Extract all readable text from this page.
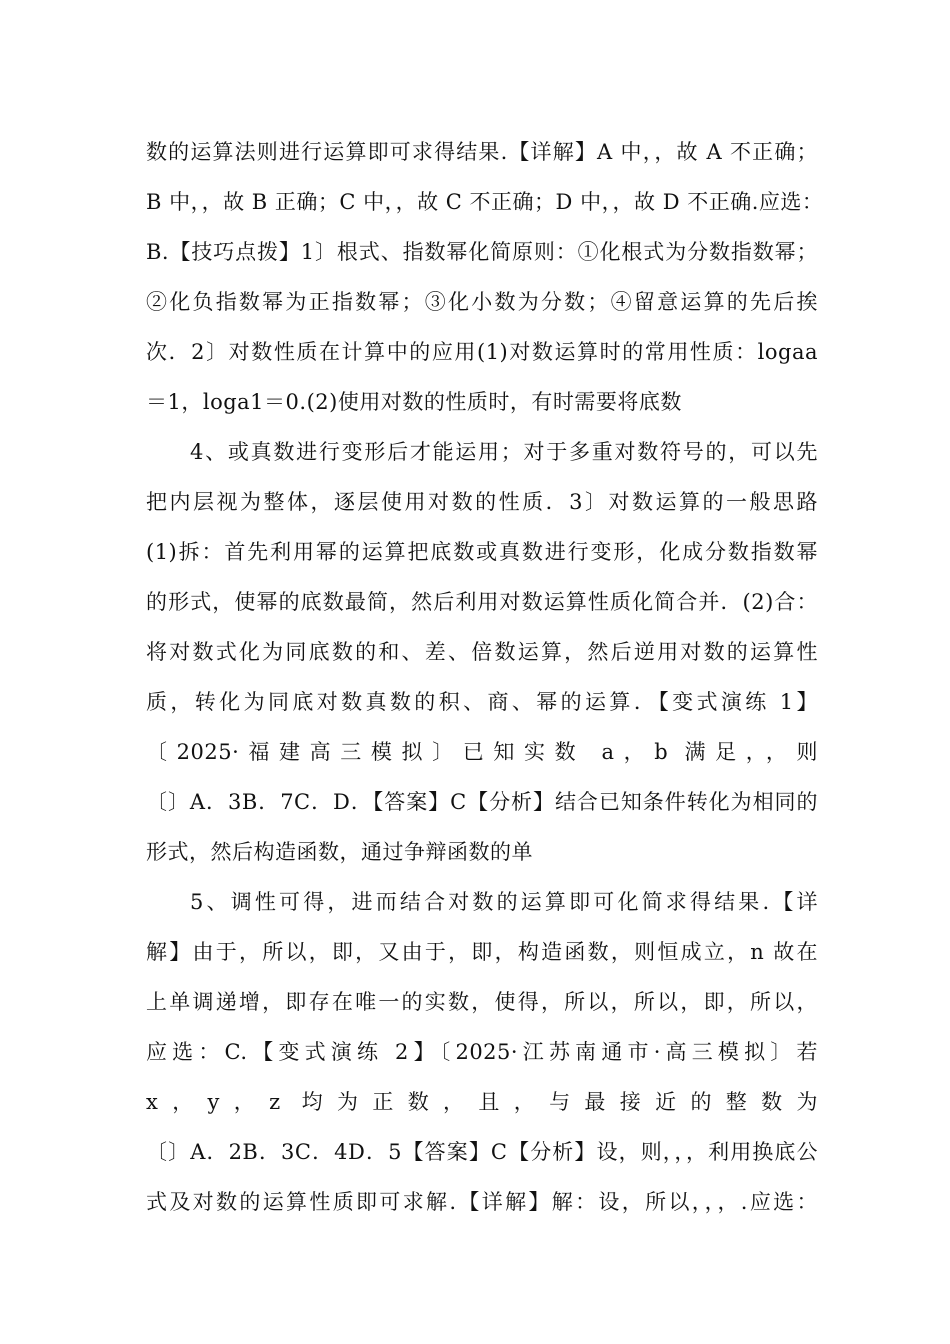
数的运算法则进行运算即可求得结果.【详解】A 中，，故 A 不正确；
B 中，，故 B 正确；C 中，，故 C 不正确；D 中，，故 D 不正确.应选：
B.【技巧点拨】1〕根式、指数幂化简原则：①化根式为分数指数幂；
②化负指数幂为正指数幂；③化小数为分数；④留意运算的先后挨
次．2〕对数性质在计算中的应用(1)对数运算时的常用性质：logaa
＝1，loga1＝0.(2)使用对数的性质时，有时需要将底数
4、或真数进行变形后才能运用；对于多重对数符号的，可以先
把内层视为整体，逐层使用对数的性质．3〕对数运算的一般思路
(1)拆：首先利用幂的运算把底数或真数进行变形，化成分数指数幂
的形式，使幂的底数最简，然后利用对数运算性质化简合并．(2)合：
将对数式化为同底数的和、差、倍数运算，然后逆用对数的运算性
质，转化为同底对数真数的积、商、幂的运算．【变式演练 1】
〔2025·福建高三模拟〕已知实数 a，b 满足，，则
〔〕A．3B．7C．D．【答案】C【分析】结合已知条件转化为相同的
形式，然后构造函数，通过争辩函数的单
5、调性可得，进而结合对数的运算即可化简求得结果.【详
解】由于，所以，即，又由于，即，构造函数，则恒成立，n 故在
上单调递增，即存在唯一的实数，使得，所以，所以，即，所以，
应选：C.【变式演练 2】〔2025·江苏南通市·高三模拟〕若
x，y，z 均为正数，且，与最接近的整数为
〔〕A．2B．3C．4D．5【答案】C【分析】设，则，，，利用换底公
式及对数的运算性质即可求解.【详解】解：设，所以，，，.应选：
